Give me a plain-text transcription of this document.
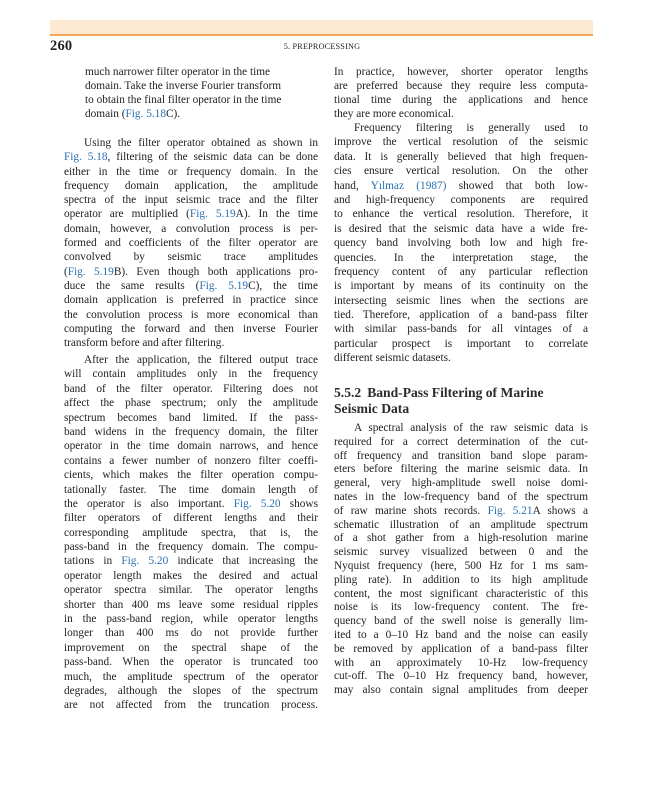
260	5. PREPROCESSING
much narrower filter operator in the time
domain. Take the inverse Fourier transform
to obtain the final filter operator in the time
domain (Fig. 5.18C).
Using the filter operator obtained as shown in
Fig. 5.18, filtering of the seismic data can be done
either in the time or frequency domain. In the
frequency domain application, the amplitude
spectra of the input seismic trace and the filter
operator are multiplied (Fig. 5.19A). In the time
domain, however, a convolution process is per-
formed and coefficients of the filter operator are
convolved by seismic trace amplitudes
(Fig. 5.19B). Even though both applications pro-
duce the same results (Fig. 5.19C), the time
domain application is preferred in practice since
the convolution process is more economical than
computing the forward and then inverse Fourier
transform before and after filtering.
After the application, the filtered output trace
will contain amplitudes only in the frequency
band of the filter operator. Filtering does not
affect the phase spectrum; only the amplitude
spectrum becomes band limited. If the pass-
band widens in the frequency domain, the filter
operator in the time domain narrows, and hence
contains a fewer number of nonzero filter coeffi-
cients, which makes the filter operation compu-
tationally faster. The time domain length of
the operator is also important. Fig. 5.20 shows
filter operators of different lengths and their
corresponding amplitude spectra, that is, the
pass-band in the frequency domain. The compu-
tations in Fig. 5.20 indicate that increasing the
operator length makes the desired and actual
operator spectra similar. The operator lengths
shorter than 400 ms leave some residual ripples
in the pass-band region, while operator lengths
longer than 400 ms do not provide further
improvement on the spectral shape of the
pass-band. When the operator is truncated too
much, the amplitude spectrum of the operator
degrades, although the slopes of the spectrum
are not affected from the truncation process.
In practice, however, shorter operator lengths
are preferred because they require less computa-
tional time during the applications and hence
they are more economical.
Frequency filtering is generally used to
improve the vertical resolution of the seismic
data. It is generally believed that high frequen-
cies ensure vertical resolution. On the other
hand, Yılmaz (1987) showed that both low-
and high-frequency components are required
to enhance the vertical resolution. Therefore, it
is desired that the seismic data have a wide fre-
quency band involving both low and high fre-
quencies. In the interpretation stage, the
frequency content of any particular reflection
is important by means of its continuity on the
intersecting seismic lines when the sections are
tied. Therefore, application of a band-pass filter
with similar pass-bands for all vintages of a
particular prospect is important to correlate
different seismic datasets.
5.5.2 Band-Pass Filtering of Marine
Seismic Data
A spectral analysis of the raw seismic data is
required for a correct determination of the cut-
off frequency and transition band slope param-
eters before filtering the marine seismic data. In
general, very high-amplitude swell noise domi-
nates in the low-frequency band of the spectrum
of raw marine shots records. Fig. 5.21A shows a
schematic illustration of an amplitude spectrum
of a shot gather from a high-resolution marine
seismic survey visualized between 0 and the
Nyquist frequency (here, 500 Hz for 1 ms sam-
pling rate). In addition to its high amplitude
content, the most significant characteristic of this
noise is its low-frequency content. The fre-
quency band of the swell noise is generally lim-
ited to a 0–10 Hz band and the noise can easily
be removed by application of a band-pass filter
with an approximately 10-Hz low-frequency
cut-off. The 0–10 Hz frequency band, however,
may also contain signal amplitudes from deeper
